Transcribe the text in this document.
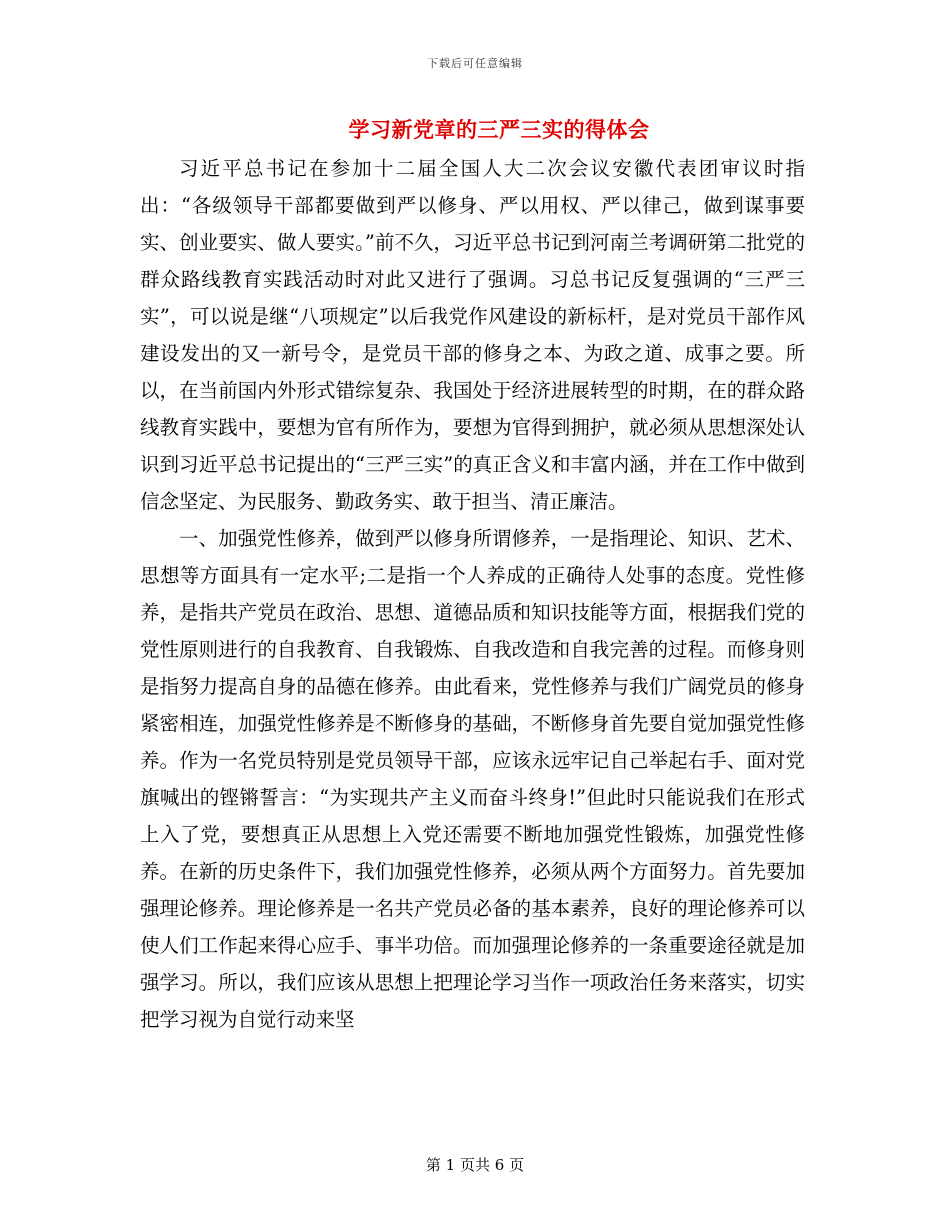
下载后可任意编辑
学习新党章的三严三实的得体会

习近平总书记在参加十二届全国人大二次会议安徽代表团审议时指出：“各级领导干部都要做到严以修身、严以用权、严以律己，做到谋事要实、创业要实、做人要实。”前不久，习近平总书记到河南兰考调研第二批党的群众路线教育实践活动时对此又进行了强调。习总书记反复强调的“三严三实”，可以说是继“八项规定”以后我党作风建设的新标杆，是对党员干部作风建设发出的又一新号令，是党员干部的修身之本、为政之道、成事之要。所以，在当前国内外形式错综复杂、我国处于经济进展转型的时期，在的群众路线教育实践中，要想为官有所作为，要想为官得到拥护，就必须从思想深处认识到习近平总书记提出的“三严三实”的真正含义和丰富内涵，并在工作中做到信念坚定、为民服务、勤政务实、敢于担当、清正廉洁。

一、加强党性修养，做到严以修身所谓修养，一是指理论、知识、艺术、思想等方面具有一定水平;二是指一个人养成的正确待人处事的态度。党性修养，是指共产党员在政治、思想、道德品质和知识技能等方面，根据我们党的党性原则进行的自我教育、自我锻炼、自我改造和自我完善的过程。而修身则是指努力提高自身的品德在修养。由此看来，党性修养与我们广阔党员的修身紧密相连，加强党性修养是不断修身的基础，不断修身首先要自觉加强党性修养。作为一名党员特别是党员领导干部，应该永远牢记自己举起右手、面对党旗喊出的铿锵誓言：“为实现共产主义而奋斗终身!”但此时只能说我们在形式上入了党，要想真正从思想上入党还需要不断地加强党性锻炼，加强党性修养。在新的历史条件下，我们加强党性修养，必须从两个方面努力。首先要加强理论修养。理论修养是一名共产党员必备的基本素养，良好的理论修养可以使人们工作起来得心应手、事半功倍。而加强理论修养的一条重要途径就是加强学习。所以，我们应该从思想上把理论学习当作一项政治任务来落实，切实把学习视为自觉行动来坚

第 1 页共 6 页
